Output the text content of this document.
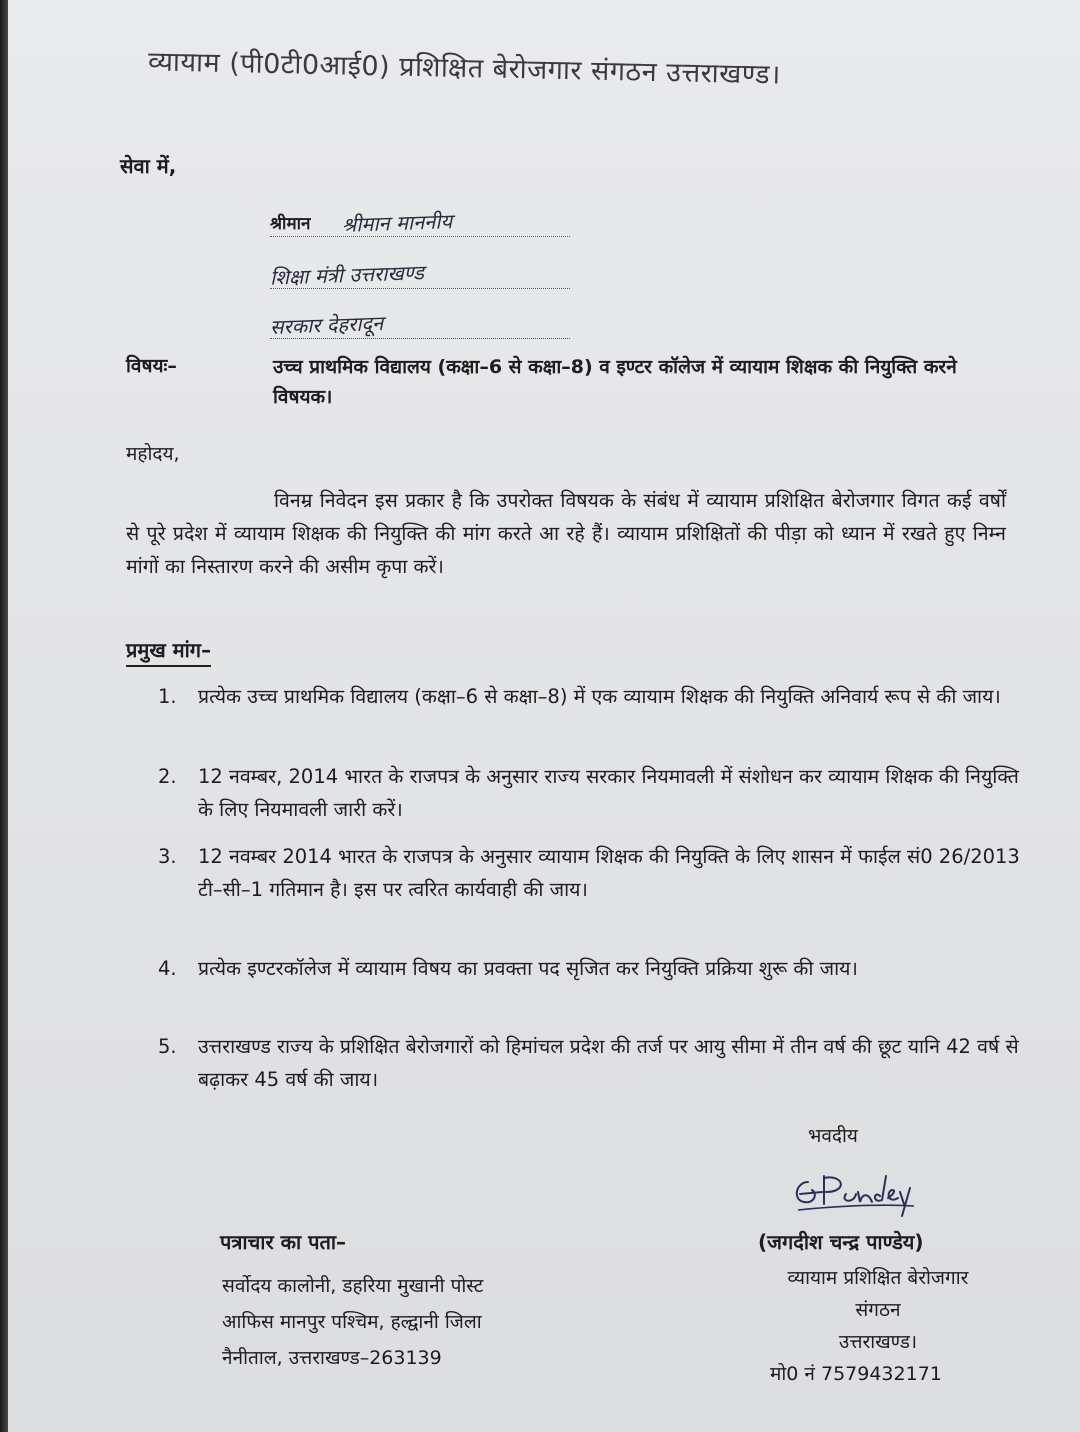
व्यायाम (पी0टी0आई0) प्रशिक्षित बेरोजगार संगठन उत्तराखण्ड।
सेवा में,
श्रीमान श्रीमान माननीय
शिक्षा मंत्री उत्तराखण्ड
सरकार देहरादून
विषयः–	उच्च प्राथमिक विद्यालय (कक्षा–6 से कक्षा–8) व इण्टर कॉलेज में व्यायाम शिक्षक की नियुक्ति करने विषयक।
महोदय,
विनम्र निवेदन इस प्रकार है कि उपरोक्त विषयक के संबंध में व्यायाम प्रशिक्षित बेरोजगार विगत कई वर्षों से पूरे प्रदेश में व्यायाम शिक्षक की नियुक्ति की मांग करते आ रहे हैं। व्यायाम प्रशिक्षितों की पीड़ा को ध्यान में रखते हुए निम्न मांगों का निस्तारण करने की असीम कृपा करें।
प्रमुख मांग–
1.	प्रत्येक उच्च प्राथमिक विद्यालय (कक्षा–6 से कक्षा–8) में एक व्यायाम शिक्षक की नियुक्ति अनिवार्य रूप से की जाय।
2.	12 नवम्बर, 2014 भारत के राजपत्र के अनुसार राज्य सरकार नियमावली में संशोधन कर व्यायाम शिक्षक की नियुक्ति के लिए नियमावली जारी करें।
3.	12 नवम्बर 2014 भारत के राजपत्र के अनुसार व्यायाम शिक्षक की नियुक्ति के लिए शासन में फाईल सं0 26/2013 टी–सी–1 गतिमान है। इस पर त्वरित कार्यवाही की जाय।
4.	प्रत्येक इण्टरकॉलेज में व्यायाम विषय का प्रवक्ता पद सृजित कर नियुक्ति प्रक्रिया शुरू की जाय।
5.	उत्तराखण्ड राज्य के प्रशिक्षित बेरोजगारों को हिमांचल प्रदेश की तर्ज पर आयु सीमा में तीन वर्ष की छूट यानि 42 वर्ष से बढ़ाकर 45 वर्ष की जाय।
भवदीय
(जगदीश चन्द्र पाण्डेय)
व्यायाम प्रशिक्षित बेरोजगार
संगठन
उत्तराखण्ड।
मो0 नं 7579432171
पत्राचार का पता–
सर्वोदय कालोनी, डहरिया मुखानी पोस्ट
आफिस मानपुर पश्चिम, हल्द्वानी जिला
नैनीताल, उत्तराखण्ड–263139
